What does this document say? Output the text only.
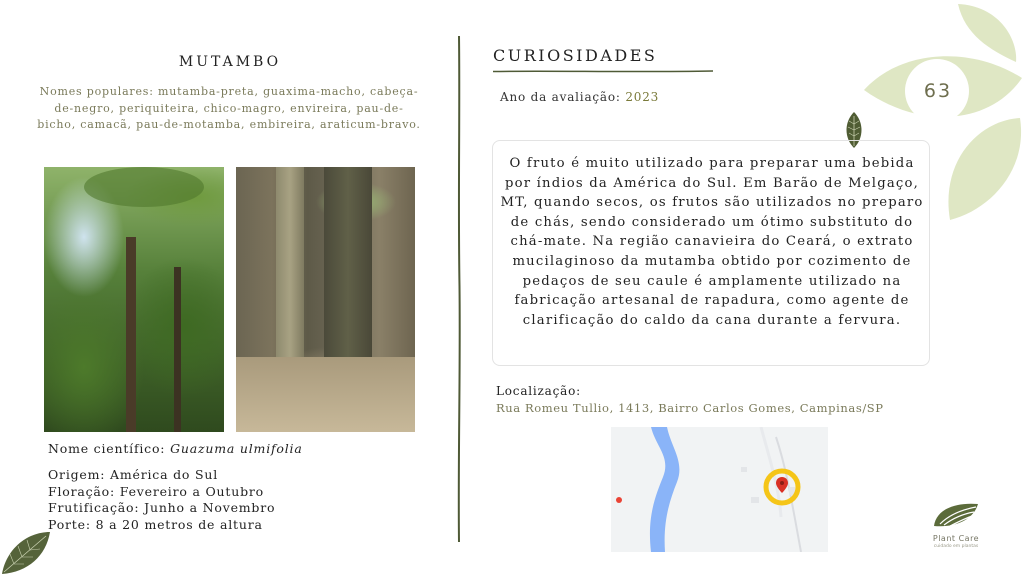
63
MUTAMBO
Nomes populares: mutamba-preta, guaxima-macho, cabeça-de-negro, periquiteira, chico-magro, envireira, pau-de-bicho, camacã, pau-de-motamba, embireira, araticum-bravo.
Nome científico: Guazuma ulmifolia
Origem: América do Sul
Floração: Fevereiro a Outubro
Frutificação: Junho a Novembro
Porte: 8 a 20 metros de altura
CURIOSIDADES
Ano da avaliação: 2023
O fruto é muito utilizado para preparar uma bebida por índios da América do Sul. Em Barão de Melgaço, MT, quando secos, os frutos são utilizados no preparo de chás, sendo considerado um ótimo substituto do chá-mate. Na região canavieira do Ceará, o extrato mucilaginoso da mutamba obtido por cozimento de pedaços de seu caule é amplamente utilizado na fabricação artesanal de rapadura, como agente de clarificação do caldo da cana durante a fervura.
Localização:
Rua Romeu Tullio, 1413, Bairro Carlos Gomes, Campinas/SP
Plant Care
cuidado em plantas
